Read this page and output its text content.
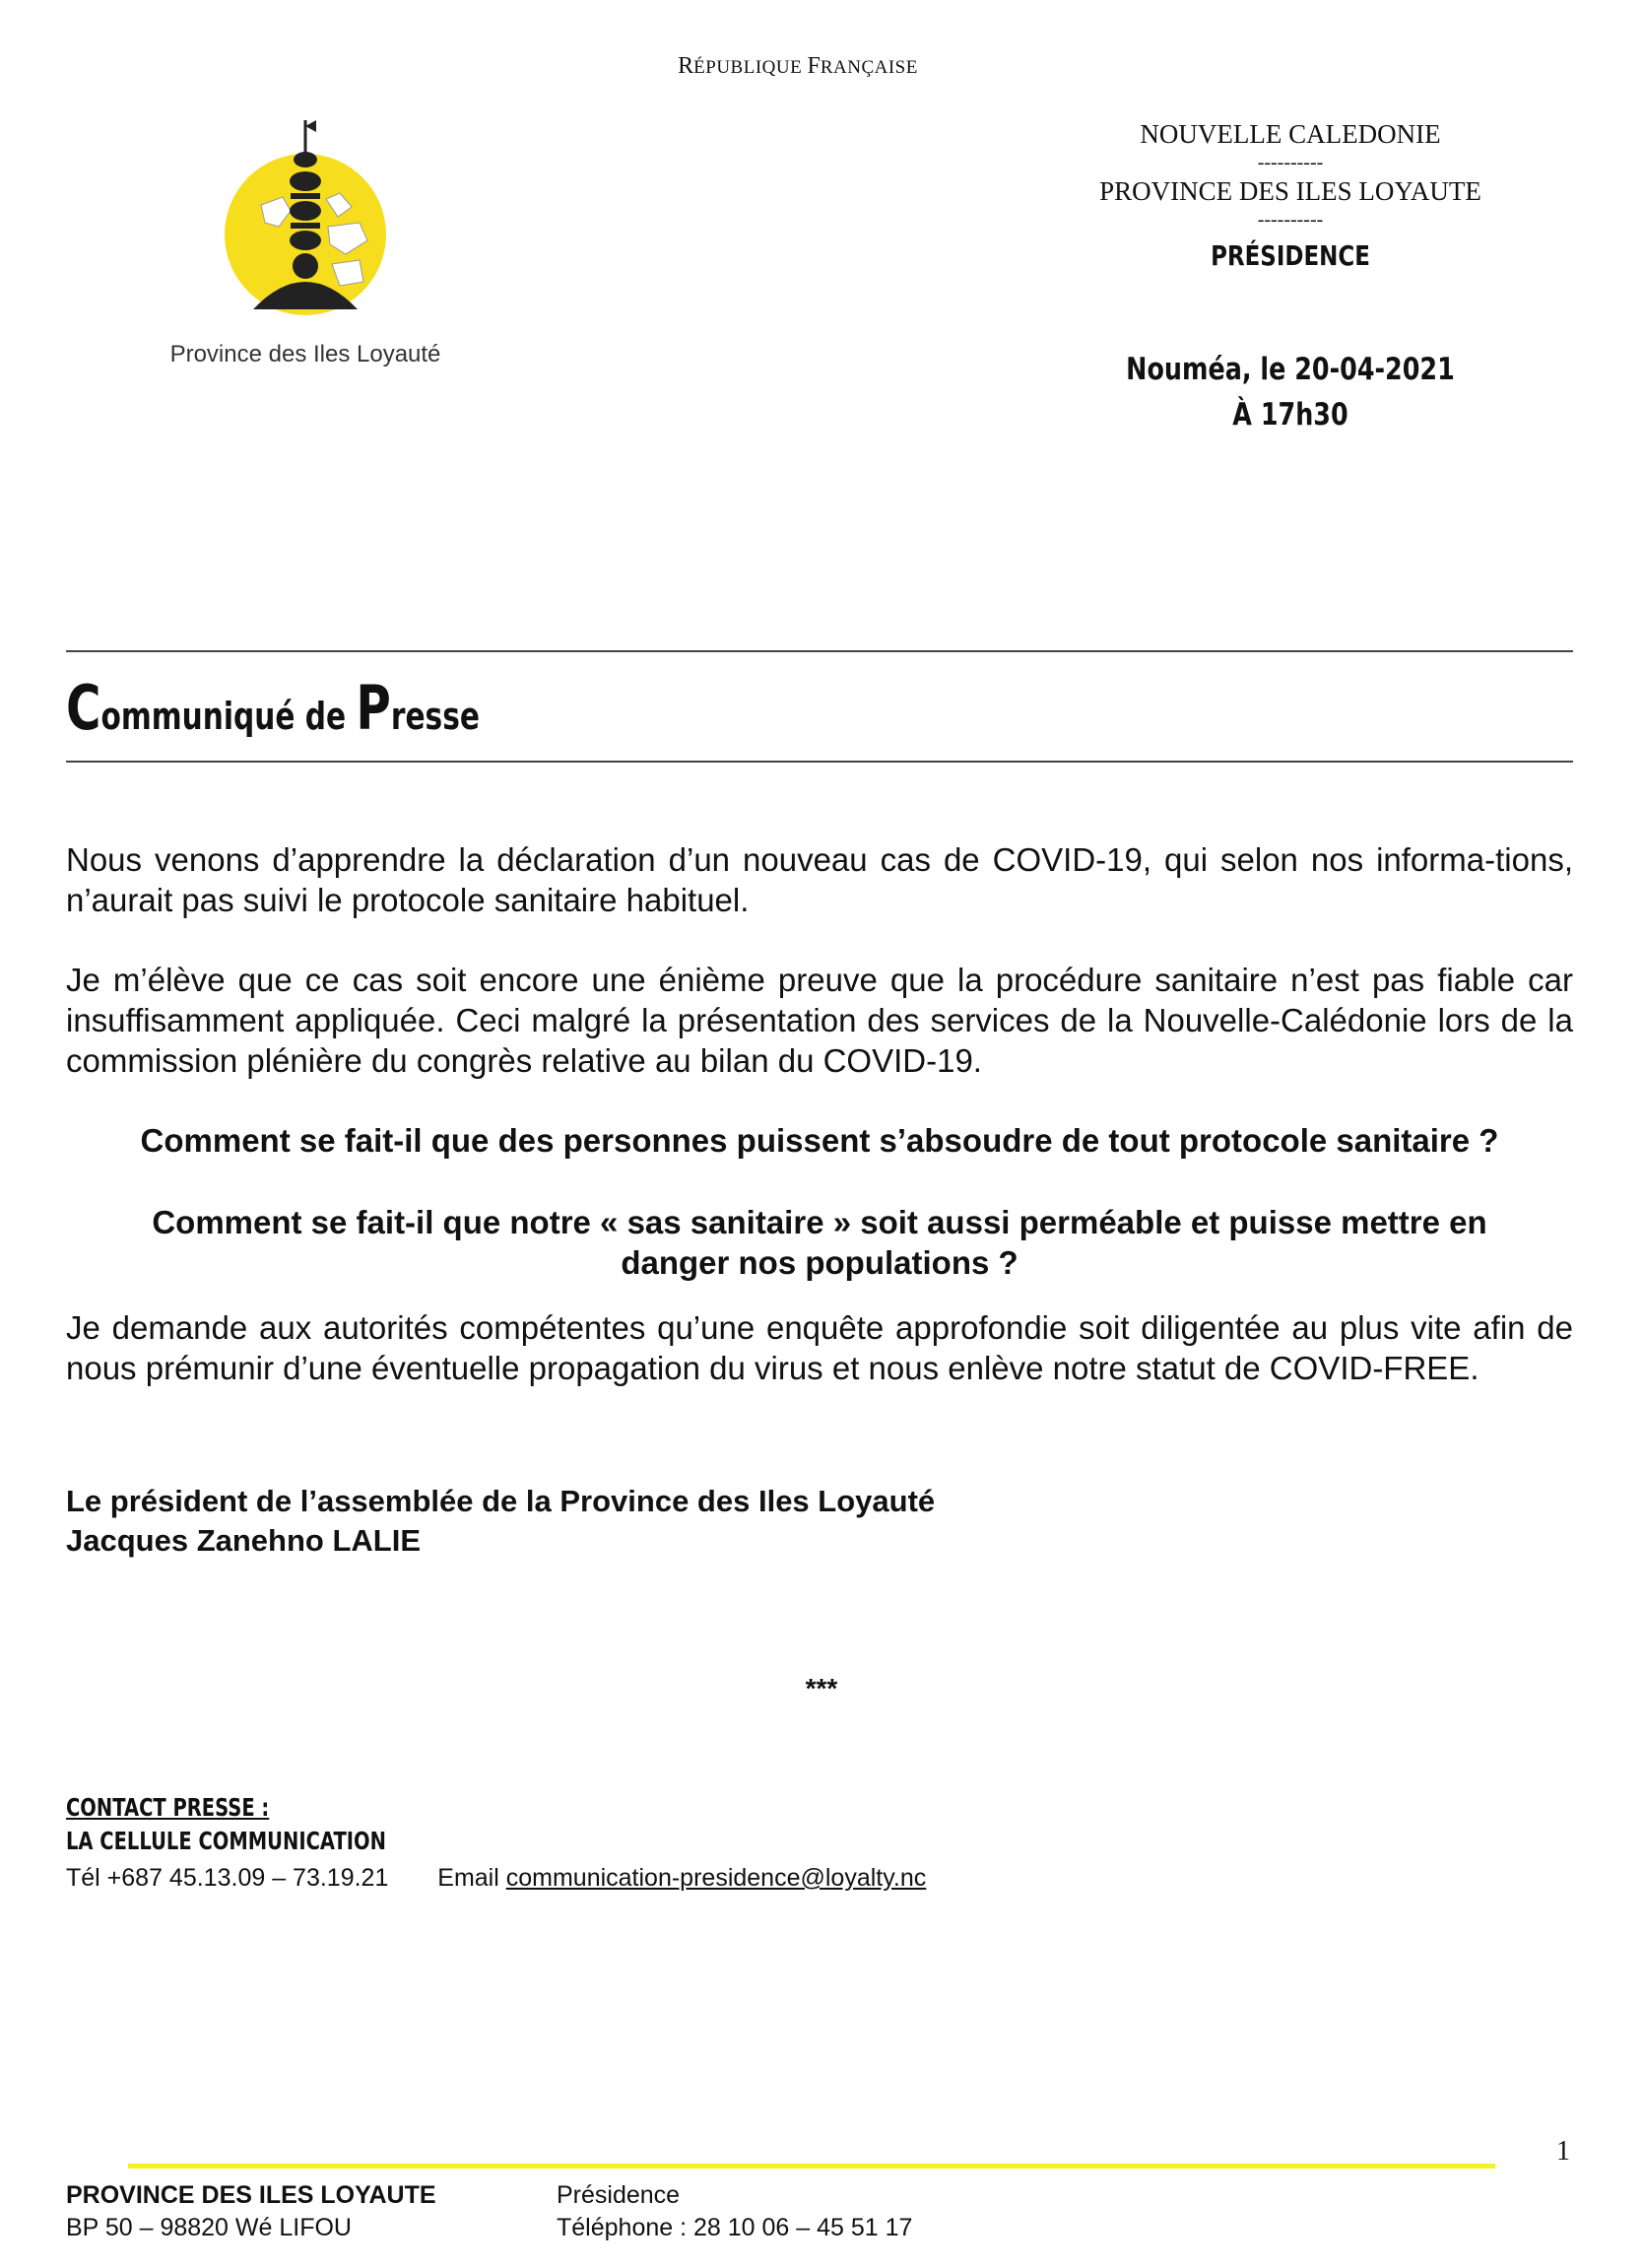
RÉPUBLIQUE FRANÇAISE
Province des Iles Loyauté
NOUVELLE CALEDONIE
----------
PROVINCE DES ILES LOYAUTE
----------
PRÉSIDENCE
Nouméa, le 20-04-2021
À 17h30
Communiqué de Presse
Nous venons d’apprendre la déclaration d’un nouveau cas de COVID-19, qui selon nos informa-tions, n’aurait pas suivi le protocole sanitaire habituel.
Je m’élève que ce cas soit encore une énième preuve que la procédure sanitaire n’est pas fiable car insuffisamment appliquée. Ceci malgré la présentation des services de la Nouvelle-Calédonie lors de la commission plénière du congrès relative au bilan du COVID-19.
Comment se fait-il que des personnes puissent s’absoudre de tout protocole sanitaire ?
Comment se fait-il que notre « sas sanitaire » soit aussi perméable et puisse mettre en
danger nos populations ?
Je demande aux autorités compétentes qu’une enquête approfondie soit diligentée au plus vite afin de nous prémunir d’une éventuelle propagation du virus et nous enlève notre statut de COVID-FREE.
Le président de l’assemblée de la Province des Iles Loyauté
Jacques Zanehno LALIE
***
CONTACT PRESSE :
LA CELLULE COMMUNICATION
Tél +687 45.13.09 – 73.19.21 Email communication-presidence@loyalty.nc
1
PROVINCE DES ILES LOYAUTE
BP 50 – 98820 Wé LIFOU
Présidence
Téléphone : 28 10 06 – 45 51 17
